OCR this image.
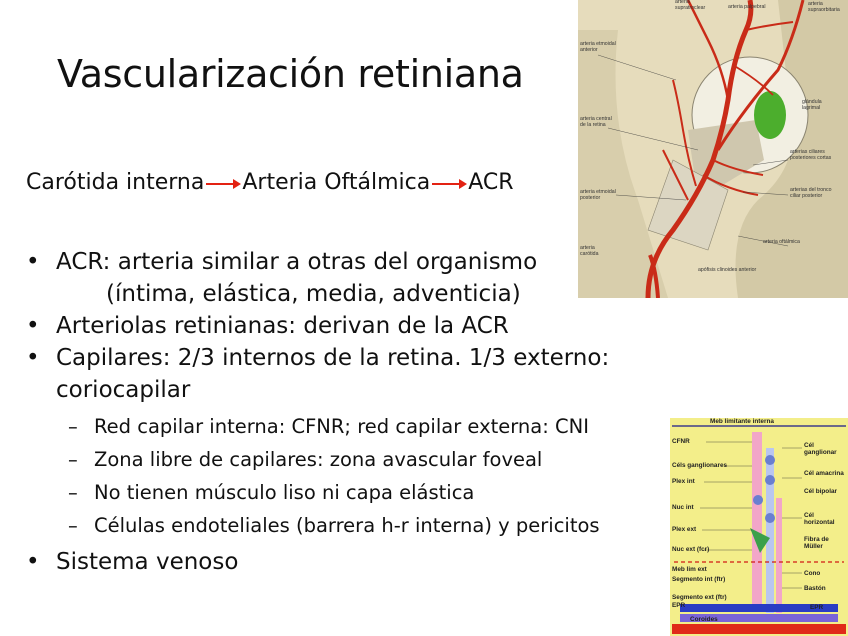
Vascularización retiniana
Carótida interna Arteria Oftálmica ACR
• ACR: arteria similar a otras del organismo
(íntima, elástica, media, adventicia)
• Arteriolas retinianas: derivan de la ACR
• Capilares: 2/3 internos de la retina. 1/3 externo: coriocapilar
– Red capilar interna: CFNR; red capilar externa: CNI
– Zona libre de capilares: zona avascular foveal
– No tienen músculo liso ni capa elástica
– Células endoteliales (barrera h-r interna) y pericitos
• Sistema venoso
arteria supratroclear	arteria palpebral	arteria supraorbitaria
arteria etmoidal anterior
glándula lagrimal
arteria central de la retina
arterias ciliares posteriores cortas
arteria etmoidal posterior
arterias del tronco ciliar posterior
arteria carótida
arteria oftálmica
apófisis clinoides anterior
Meb limitante interna
CFNR
Céls ganglionares
Plex int
Nuc int
Plex ext
Nuc ext (fcr)
Meb lim ext
Segmento int (ftr)
Segmento ext (ftr)
EPR
Coroides
Cél ganglionar
Cél amacrina
Cél bipolar
Cél horizontal
Fibra de Müller
Cono
Bastón
EPR
